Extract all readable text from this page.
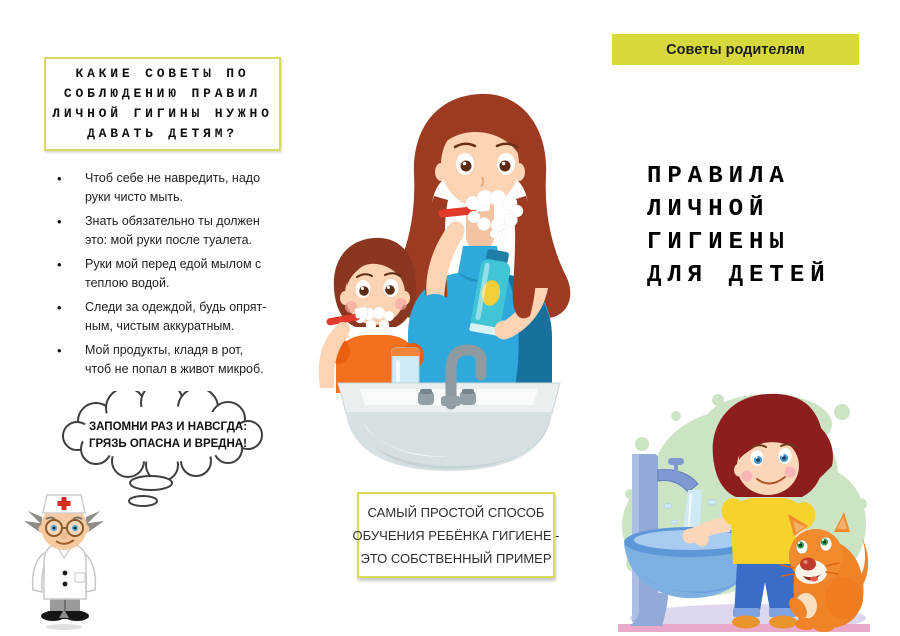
КАКИЕ СОВЕТЫ ПО
СОБЛЮДЕНИЮ ПРАВИЛ
ЛИЧНОЙ ГИГИНЫ НУЖНО
ДАВАТЬ ДЕТЯМ?
•	Чтоб себе не навредить, надо
руки чисто мыть.
•	Знать обязательно ты должен
это: мой руки после туалета.
•	Руки мой перед едой мылом с
теплою водой.
•	Следи за одеждой, будь опрят-
ным, чистым аккуратным.
•	Мой продукты, кладя в рот,
чтоб не попал в живот микроб.
ЗАПОМНИ РАЗ И НАВСГДА:
ГРЯЗЬ ОПАСНА И ВРЕДНА!
САМЫЙ ПРОСТОЙ СПОСОБ
ОБУЧЕНИЯ РЕБЁНКА ГИГИЕНЕ -
ЭТО СОБСТВЕННЫЙ ПРИМЕР
Советы родителям
ПРАВИЛА
ЛИЧНОЙ
ГИГИЕНЫ
ДЛЯ ДЕТЕЙ
